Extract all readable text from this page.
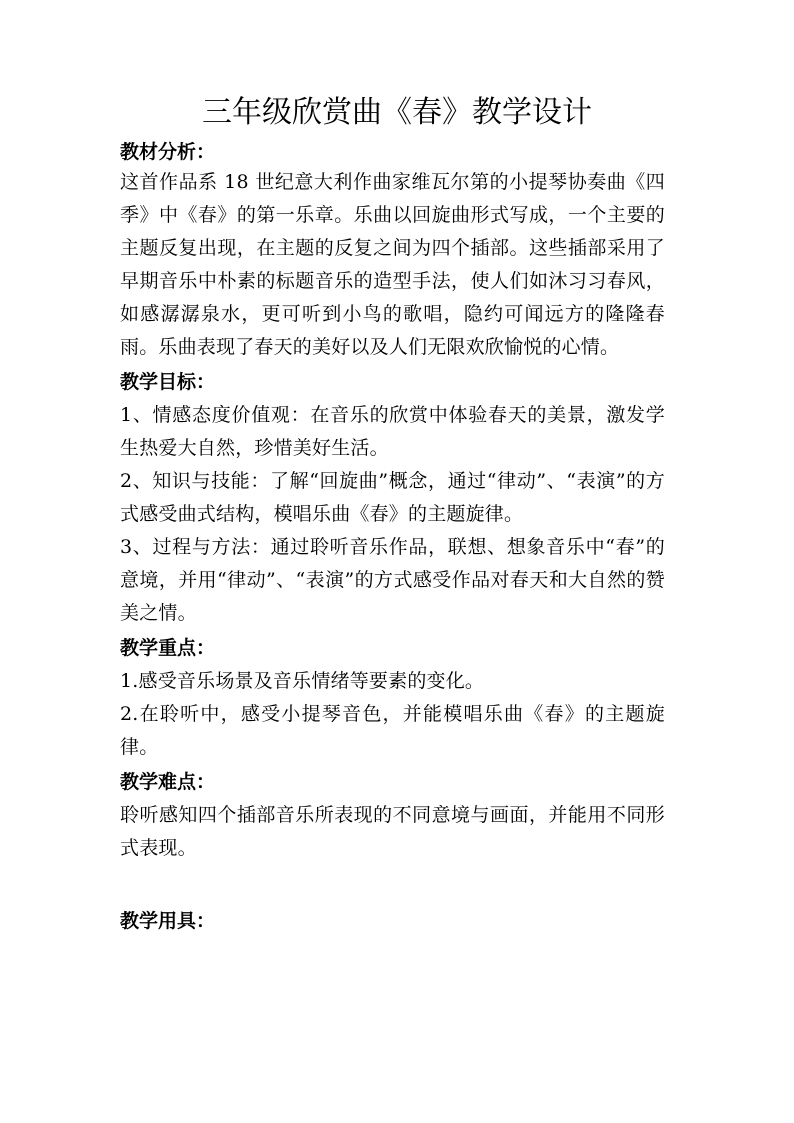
三年级欣赏曲《春》教学设计
教材分析：

这首作品系 18 世纪意大利作曲家维瓦尔第的小提琴协奏曲《四季》中《春》的第一乐章。乐曲以回旋曲形式写成，一个主要的主题反复出现，在主题的反复之间为四个插部。这些插部采用了早期音乐中朴素的标题音乐的造型手法，使人们如沐习习春风，如感潺潺泉水，更可听到小鸟的歌唱，隐约可闻远方的隆隆春雨。乐曲表现了春天的美好以及人们无限欢欣愉悦的心情。

教学目标：

1、情感态度价值观：在音乐的欣赏中体验春天的美景，激发学生热爱大自然，珍惜美好生活。

2、知识与技能：了解“回旋曲”概念，通过“律动”、“表演”的方式感受曲式结构，模唱乐曲《春》的主题旋律。

3、过程与方法：通过聆听音乐作品，联想、想象音乐中“春”的意境，并用“律动”、“表演”的方式感受作品对春天和大自然的赞美之情。

教学重点：

1.感受音乐场景及音乐情绪等要素的变化。

2.在聆听中，感受小提琴音色，并能模唱乐曲《春》的主题旋律。

教学难点：

聆听感知四个插部音乐所表现的不同意境与画面，并能用不同形式表现。

教学用具：
